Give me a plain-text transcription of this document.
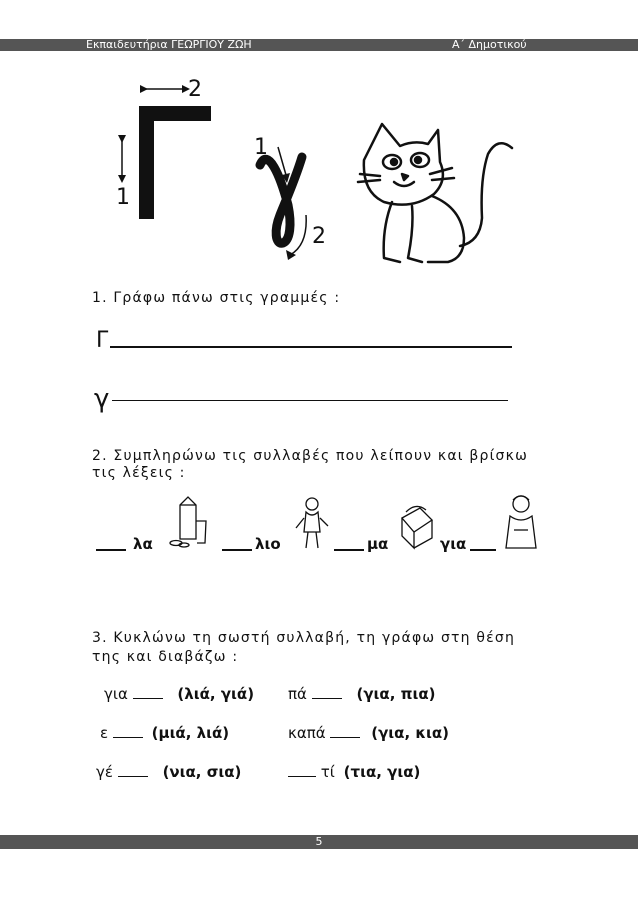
Εκπαιδευτήρια ΓΕΩΡΓΙΟΥ ΖΩΗ	Α΄ Δημοτικού
2
1
1
2
1. Γράφω πάνω στις γραμμές :
Γ
γ
2. Συμπληρώνω τις συλλαβές που λείπουν και βρίσκω
τις λέξεις :
λα	λιο	μα	για
3. Κυκλώνω τη σωστή συλλαβή, τη γράφω στη θέση
της και διαβάζω :
για	(λιά, γιά) πά	(για, πια)
ε	(μιά, λιά)	καπά	(για, κια)
γέ	(νια, σια)	τί (τια, για)
5
